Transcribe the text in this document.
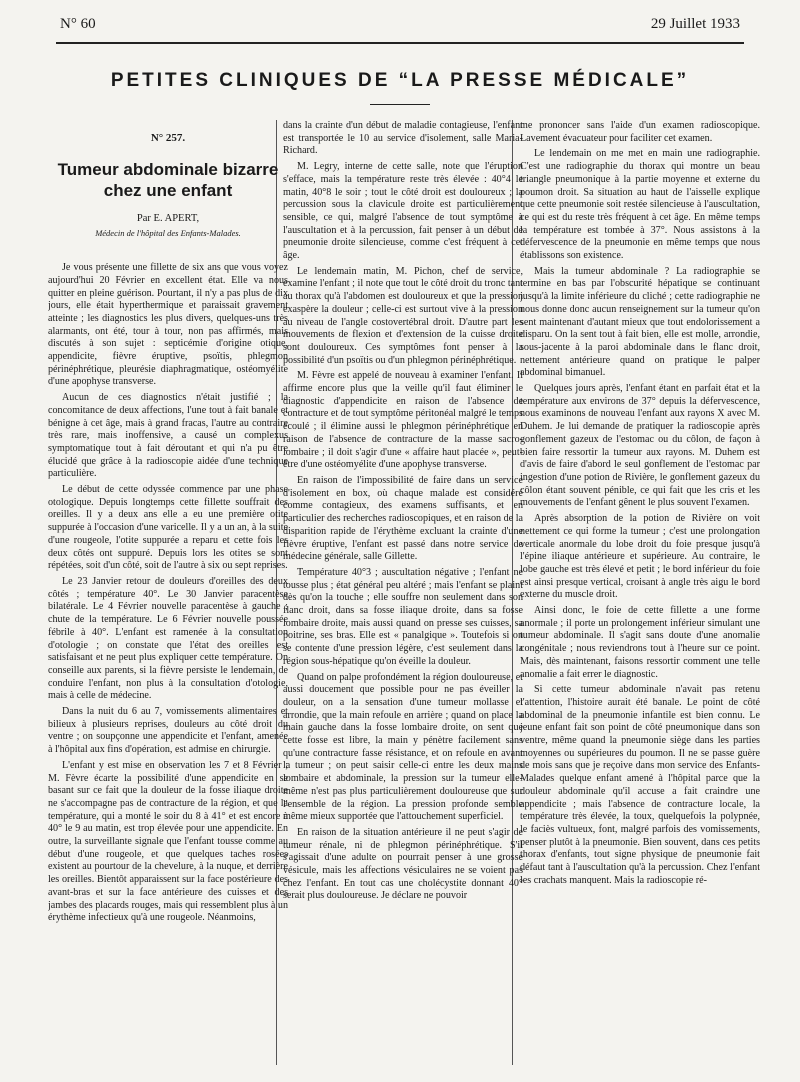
N° 60	29 Juillet 1933
PETITES CLINIQUES DE “LA PRESSE MÉDICALE”
N° 257.
Tumeur abdominale bizarre
chez une enfant
Par E. APERT,
Médecin de l'hôpital des Enfants-Malades.

Je vous présente une fillette de six ans que vous voyez aujourd'hui 20 Février en excellent état. Elle va nous quitter en pleine guérison. Pourtant, il n'y a pas plus de dix jours, elle était hyperthermique et paraissait gravement atteinte ; les diagnostics les plus divers, quelques-uns très alarmants, ont été, tour à tour, non pas affirmés, mais discutés à son sujet : septicémie d'origine otique, appendicite, fièvre éruptive, psoïtis, phlegmon périnéphrétique, pleurésie diaphragmatique, ostéomyélite d'une apophyse transverse.

Aucun de ces diagnostics n'était justifié ; la concomitance de deux affections, l'une tout à fait banale et bénigne à cet âge, mais à grand fracas, l'autre au contraire très rare, mais inoffensive, a causé un complexus symptomatique tout à fait déroutant et qui n'a pu être élucidé que grâce à la radioscopie aidée d'une technique particulière.

Le début de cette odyssée commence par une phase otologique. Depuis longtemps cette fillette souffrait des oreilles. Il y a deux ans elle a eu une première otite suppurée à l'occasion d'une varicelle. Il y a un an, à la suite d'une rougeole, l'otite suppurée a reparu et cette fois les deux côtés ont suppuré. Depuis lors les otites se sont répétées, soit d'un côté, soit de l'autre à six ou sept reprises.

Le 23 Janvier retour de douleurs d'oreilles des deux côtés ; température 40°. Le 30 Janvier paracentèse bilatérale. Le 4 Février nouvelle paracentèse à gauche ; chute de la température. Le 6 Février nouvelle poussée fébrile à 40°. L'enfant est ramenée à la consultation d'otologie ; on constate que l'état des oreilles est satisfaisant et ne peut plus expliquer cette température. On conseille aux parents, si la fièvre persiste le lendemain, de conduire l'enfant, non plus à la consultation d'otologie, mais à celle de médecine.

Dans la nuit du 6 au 7, vomissements alimentaires et bilieux à plusieurs reprises, douleurs au côté droit du ventre ; on soupçonne une appendicite et l'enfant, amenée à l'hôpital aux fins d'opération, est admise en chirurgie.

L'enfant y est mise en observation les 7 et 8 Février ; M. Fèvre écarte la possibilité d'une appendicite en se basant sur ce fait que la douleur de la fosse iliaque droite ne s'accompagne pas de contracture de la région, et que la température, qui a monté le soir du 8 à 41° et est encore à 40° le 9 au matin, est trop élevée pour une appendicite. En outre, la surveillante signale que l'enfant tousse comme au début d'une rougeole, et que quelques taches rosées existent au pourtour de la chevelure, à la nuque, et derrière les oreilles. Bientôt apparaissent sur la face postérieure des avant-bras et sur la face antérieure des cuisses et des jambes des placards rouges, mais qui ressemblent plus à un érythème infectieux qu'à une rougeole. Néanmoins,

dans la crainte d'un début de maladie contagieuse, l'enfant est transportée le 10 au service d'isolement, salle Maria-Richard.

M. Legry, interne de cette salle, note que l'éruption s'efface, mais la température reste très élevée : 40°4 le matin, 40°8 le soir ; tout le côté droit est douloureux ; la percussion sous la clavicule droite est particulièrement sensible, ce qui, malgré l'absence de tout symptôme à l'auscultation et à la percussion, fait penser à un début de pneumonie droite silencieuse, comme c'est fréquent à cet âge.

Le lendemain matin, M. Pichon, chef de service, examine l'enfant ; il note que tout le côté droit du tronc tant au thorax qu'à l'abdomen est douloureux et que la pression exaspère la douleur ; celle-ci est surtout vive à la pression au niveau de l'angle costovertébral droit. D'autre part les mouvements de flexion et d'extension de la cuisse droite sont douloureux. Ces symptômes font penser à la possibilité d'un psoïtis ou d'un phlegmon périnéphrétique.

M. Fèvre est appelé de nouveau à examiner l'enfant. Il affirme encore plus que la veille qu'il faut éliminer le diagnostic d'appendicite en raison de l'absence de contracture et de tout symptôme péritonéal malgré le temps écoulé ; il élimine aussi le phlegmon périnéphrétique en raison de l'absence de contracture de la masse sacro-lombaire ; il doit s'agir d'une « affaire haut placée », peut-être d'une ostéomyélite d'une apophyse transverse.

En raison de l'impossibilité de faire dans un service d'isolement en box, où chaque malade est considéré comme contagieux, des examens suffisants, et en particulier des recherches radioscopiques, et en raison de la disparition rapide de l'érythème excluant la crainte d'une fièvre éruptive, l'enfant est passé dans notre service de médecine générale, salle Gillette.

Température 40°3 ; auscultation négative ; l'enfant ne tousse plus ; état général peu altéré ; mais l'enfant se plaint dès qu'on la touche ; elle souffre non seulement dans son flanc droit, dans sa fosse iliaque droite, dans sa fosse lombaire droite, mais aussi quand on presse ses cuisses, sa poitrine, ses bras. Elle est « panalgique ». Toutefois si on se contente d'une pression légère, c'est seulement dans la région sous-hépatique qu'on éveille la douleur.

Quand on palpe profondément la région douloureuse, et aussi doucement que possible pour ne pas éveiller la douleur, on a la sensation d'une tumeur mollasse et arrondie, que la main refoule en arrière ; quand on place la main gauche dans la fosse lombaire droite, on sent que cette fosse est libre, la main y pénètre facilement sans qu'une contracture fasse résistance, et on refoule en avant la tumeur ; on peut saisir celle-ci entre les deux mains lombaire et abdominale, la pression sur la tumeur elle-même n'est pas plus particulièrement douloureuse que sur l'ensemble de la région. La pression profonde semble même mieux supportée que l'attouchement superficiel.

En raison de la situation antérieure il ne peut s'agir de tumeur rénale, ni de phlegmon périnéphrétique. S'il s'agissait d'une adulte on pourrait penser à une grosse vésicule, mais les affections vésiculaires ne se voient pas chez l'enfant. En tout cas une cholécystite donnant 40° serait plus douloureuse. Je déclare ne pouvoir

me prononcer sans l'aide d'un examen radioscopique. Lavement évacuateur pour faciliter cet examen.

Le lendemain on me met en main une radiographie. C'est une radiographie du thorax qui montre un beau triangle pneumonique à la partie moyenne et externe du poumon droit. Sa situation au haut de l'aisselle explique que cette pneumonie soit restée silencieuse à l'auscultation, ce qui est du reste très fréquent à cet âge. En même temps la température est tombée à 37°. Nous assistons à la défervescence de la pneumonie en même temps que nous établissons son existence.

Mais la tumeur abdominale ? La radiographie se termine en bas par l'obscurité hépatique se continuant jusqu'à la limite inférieure du cliché ; cette radiographie ne nous donne donc aucun renseignement sur la tumeur qu'on sent maintenant d'autant mieux que tout endolorissement a disparu. On la sent tout à fait bien, elle est molle, arrondie, sous-jacente à la paroi abdominale dans le flanc droit, nettement antérieure quand on pratique le palper abdominal bimanuel.

Quelques jours après, l'enfant étant en parfait état et la température aux environs de 37° depuis la défervescence, nous examinons de nouveau l'enfant aux rayons X avec M. Duhem. Je lui demande de pratiquer la radioscopie après gonflement gazeux de l'estomac ou du côlon, de façon à bien faire ressortir la tumeur aux rayons. M. Duhem est d'avis de faire d'abord le seul gonflement de l'estomac par ingestion d'une potion de Rivière, le gonflement gazeux du côlon étant souvent pénible, ce qui fait que les cris et les mouvements de l'enfant gênent le plus souvent l'examen.

Après absorption de la potion de Rivière on voit nettement ce qui forme la tumeur ; c'est une prolongation verticale anormale du lobe droit du foie presque jusqu'à l'épine iliaque antérieure et supérieure. Au contraire, le lobe gauche est très élevé et petit ; le bord inférieur du foie est ainsi presque vertical, croisant à angle très aigu le bord externe du muscle droit.

Ainsi donc, le foie de cette fillette a une forme anormale ; il porte un prolongement inférieur simulant une tumeur abdominale. Il s'agit sans doute d'une anomalie congénitale ; nous reviendrons tout à l'heure sur ce point. Mais, dès maintenant, faisons ressortir comment une telle anomalie a fait errer le diagnostic.

Si cette tumeur abdominale n'avait pas retenu l'attention, l'histoire aurait été banale. Le point de côté abdominal de la pneumonie infantile est bien connu. Le jeune enfant fait son point de côté pneumonique dans son ventre, même quand la pneumonie siège dans les parties moyennes ou supérieures du poumon. Il ne se passe guère de mois sans que je reçoive dans mon service des Enfants-Malades quelque enfant amené à l'hôpital parce que la douleur abdominale qu'il accuse a fait craindre une appendicite ; mais l'absence de contracture locale, la température très élevée, la toux, quelquefois la polypnée, le faciès vultueux, font, malgré parfois des vomissements, penser plutôt à la pneumonie. Bien souvent, dans ces petits thorax d'enfants, tout signe physique de pneumonie fait défaut tant à l'auscultation qu'à la percussion. Chez l'enfant les crachats manquent. Mais la radioscopie ré-
